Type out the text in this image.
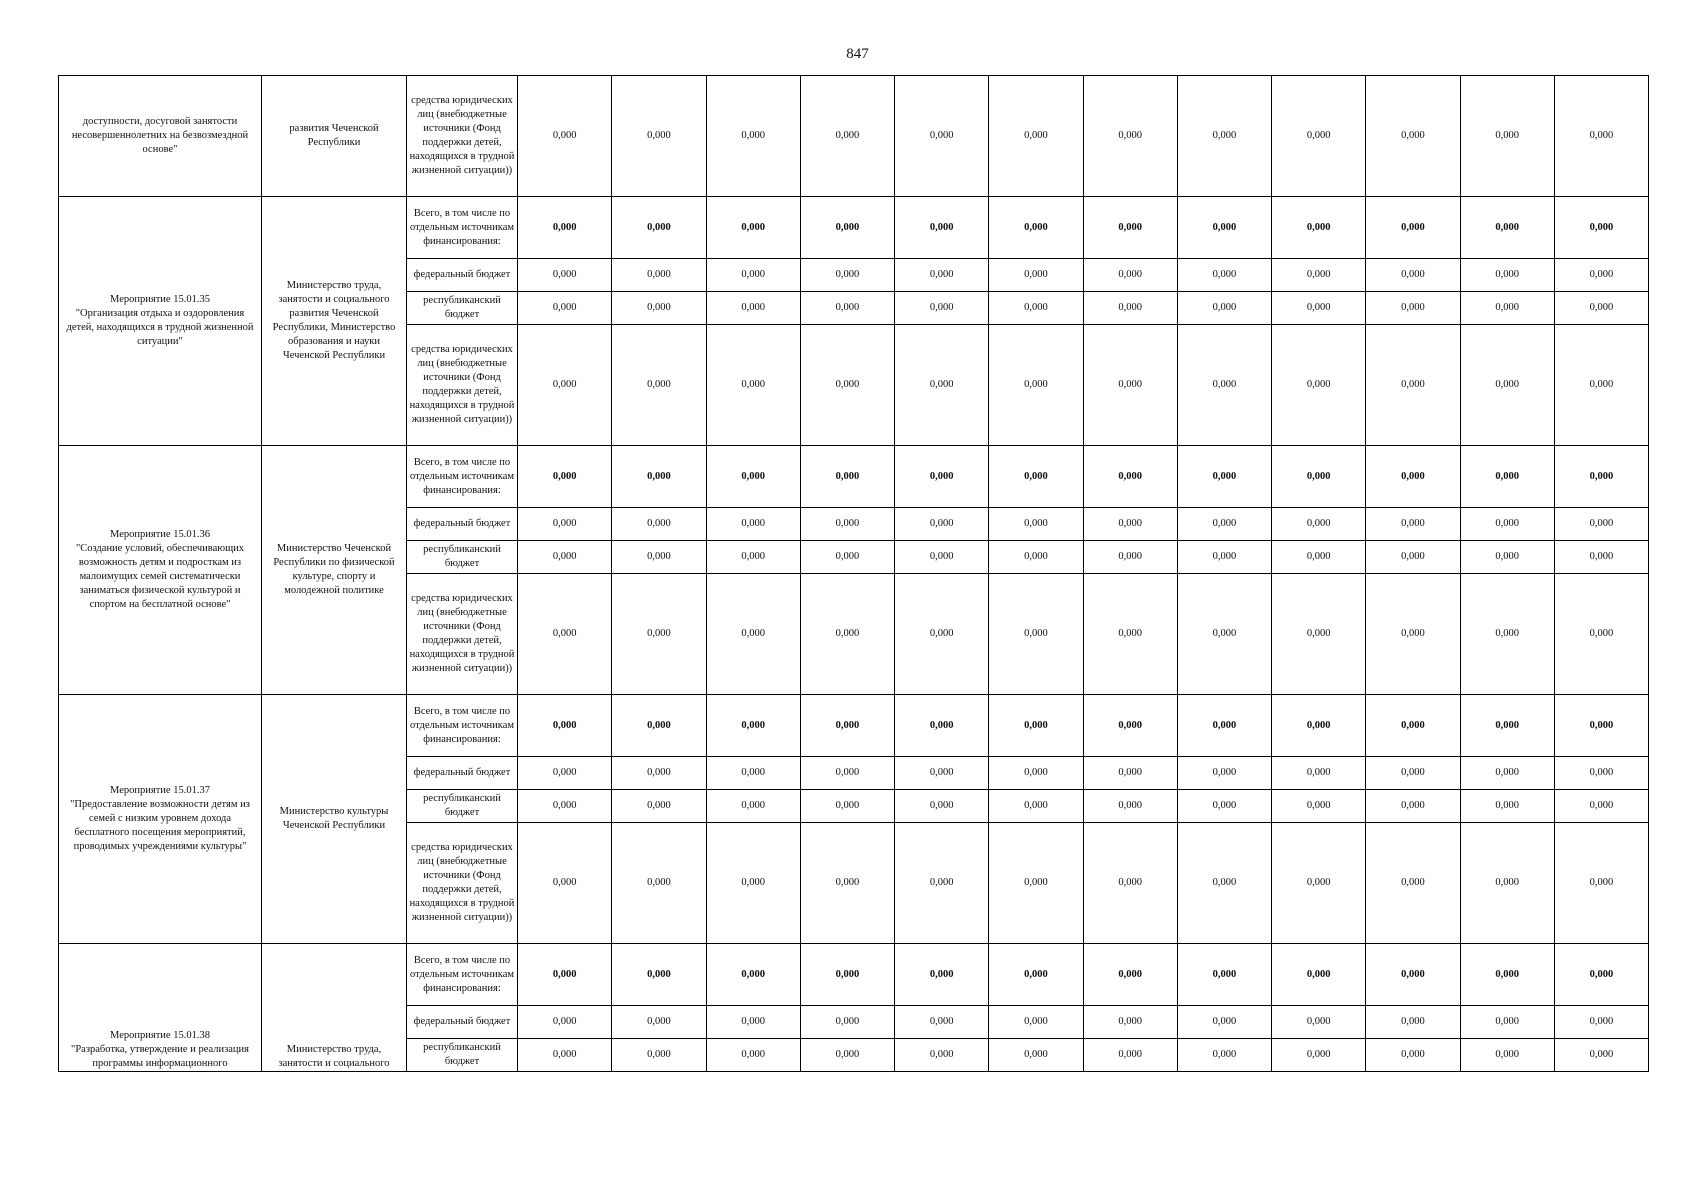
847
доступности, досуговой занятости несовершеннолетних на безвозмездной основе"	развития Чеченской Республики	средства юридических лиц (внебюджетные источники (Фонд поддержки детей, находящихся в трудной жизненной ситуации))	0,000	0,000	0,000	0,000	0,000	0,000	0,000	0,000	0,000	0,000	0,000	0,000

Мероприятие 15.01.35
"Организация отдыха и оздоровления детей, находящихся в трудной жизненной ситуации"	Министерство труда, занятости и социального развития Чеченской Республики, Министерство образования и науки Чеченской Республики	Всего, в том числе по отдельным источникам финансирования:	0,000	0,000	0,000	0,000	0,000	0,000	0,000	0,000	0,000	0,000	0,000	0,000
		федеральный бюджет	0,000	0,000	0,000	0,000	0,000	0,000	0,000	0,000	0,000	0,000	0,000	0,000
		республиканский бюджет	0,000	0,000	0,000	0,000	0,000	0,000	0,000	0,000	0,000	0,000	0,000	0,000
		средства юридических лиц (внебюджетные источники (Фонд поддержки детей, находящихся в трудной жизненной ситуации))	0,000	0,000	0,000	0,000	0,000	0,000	0,000	0,000	0,000	0,000	0,000	0,000

Мероприятие 15.01.36
"Создание условий, обеспечивающих возможность детям и подросткам из малоимущих семей систематически заниматься физической культурой и спортом на бесплатной основе"	Министерство Чеченской Республики по физической культуре, спорту и молодежной политике	Всего, в том числе по отдельным источникам финансирования:	0,000	0,000	0,000	0,000	0,000	0,000	0,000	0,000	0,000	0,000	0,000	0,000
		федеральный бюджет	0,000	0,000	0,000	0,000	0,000	0,000	0,000	0,000	0,000	0,000	0,000	0,000
		республиканский бюджет	0,000	0,000	0,000	0,000	0,000	0,000	0,000	0,000	0,000	0,000	0,000	0,000
		средства юридических лиц (внебюджетные источники (Фонд поддержки детей, находящихся в трудной жизненной ситуации))	0,000	0,000	0,000	0,000	0,000	0,000	0,000	0,000	0,000	0,000	0,000	0,000

Мероприятие 15.01.37
"Предоставление возможности детям из семей с низким уровнем дохода бесплатного посещения мероприятий, проводимых учреждениями культуры"	Министерство культуры Чеченской Республики	Всего, в том числе по отдельным источникам финансирования:	0,000	0,000	0,000	0,000	0,000	0,000	0,000	0,000	0,000	0,000	0,000	0,000
		федеральный бюджет	0,000	0,000	0,000	0,000	0,000	0,000	0,000	0,000	0,000	0,000	0,000	0,000
		республиканский бюджет	0,000	0,000	0,000	0,000	0,000	0,000	0,000	0,000	0,000	0,000	0,000	0,000
		средства юридических лиц (внебюджетные источники (Фонд поддержки детей, находящихся в трудной жизненной ситуации))	0,000	0,000	0,000	0,000	0,000	0,000	0,000	0,000	0,000	0,000	0,000	0,000

Мероприятие 15.01.38
"Разработка, утверждение и реализация программы информационного	Министерство труда, занятости и социального	Всего, в том числе по отдельным источникам финансирования:	0,000	0,000	0,000	0,000	0,000	0,000	0,000	0,000	0,000	0,000	0,000	0,000
		федеральный бюджет	0,000	0,000	0,000	0,000	0,000	0,000	0,000	0,000	0,000	0,000	0,000	0,000
		республиканский бюджет	0,000	0,000	0,000	0,000	0,000	0,000	0,000	0,000	0,000	0,000	0,000	0,000
